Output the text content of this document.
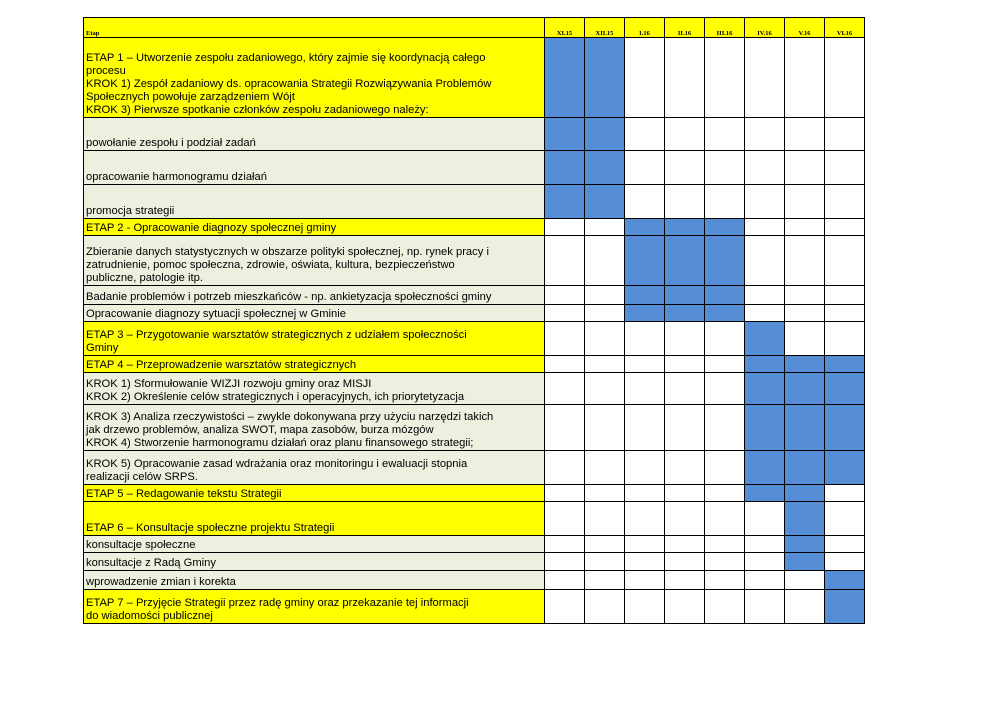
Etap	XI.15	XII.15	I.16	II.16	III.16	IV.16	V.16	VI.16

ETAP 1 – Utworzenie zespołu zadaniowego, który zajmie się koordynacją całego
procesu
KROK 1) Zespół zadaniowy ds. opracowania Strategii Rozwiązywania Problemów
Społecznych powołuje zarządzeniem Wójt
KROK 3) Pierwsze spotkanie członków zespołu zadaniowego należy:								

powołanie zespołu i podział zadań								

opracowanie harmonogramu działań								

promocja strategii								

ETAP 2 - Opracowanie diagnozy społecznej gminy								

Zbieranie danych statystycznych w obszarze polityki społecznej, np. rynek pracy i
zatrudnienie, pomoc społeczna, zdrowie, oświata, kultura, bezpieczeństwo
publiczne, patologie itp.								

Badanie problemów i potrzeb mieszkańców - np. ankietyzacja społeczności gminy								

Opracowanie diagnozy sytuacji społecznej w Gminie								

ETAP 3 – Przygotowanie warsztatów strategicznych z udziałem społeczności
Gminy								

ETAP 4 – Przeprowadzenie warsztatów strategicznych								

KROK 1) Sformułowanie WIZJI rozwoju gminy oraz MISJI
KROK 2) Określenie celów strategicznych i operacyjnych, ich priorytetyzacja								

KROK 3) Analiza rzeczywistości – zwykle dokonywana przy użyciu narzędzi takich
jak drzewo problemów, analiza SWOT, mapa zasobów, burza mózgów
KROK 4) Stworzenie harmonogramu działań oraz planu finansowego strategii;								

KROK 5) Opracowanie zasad wdrażania oraz monitoringu i ewaluacji stopnia
realizacji celów SRPS.								

ETAP 5 – Redagowanie tekstu Strategii								

ETAP 6 – Konsultacje społeczne projektu Strategii								

konsultacje społeczne								

konsultacje z Radą Gminy								

wprowadzenie zmian i korekta								

ETAP 7 – Przyjęcie Strategii przez radę gminy oraz przekazanie tej informacji
do wiadomości publicznej								
